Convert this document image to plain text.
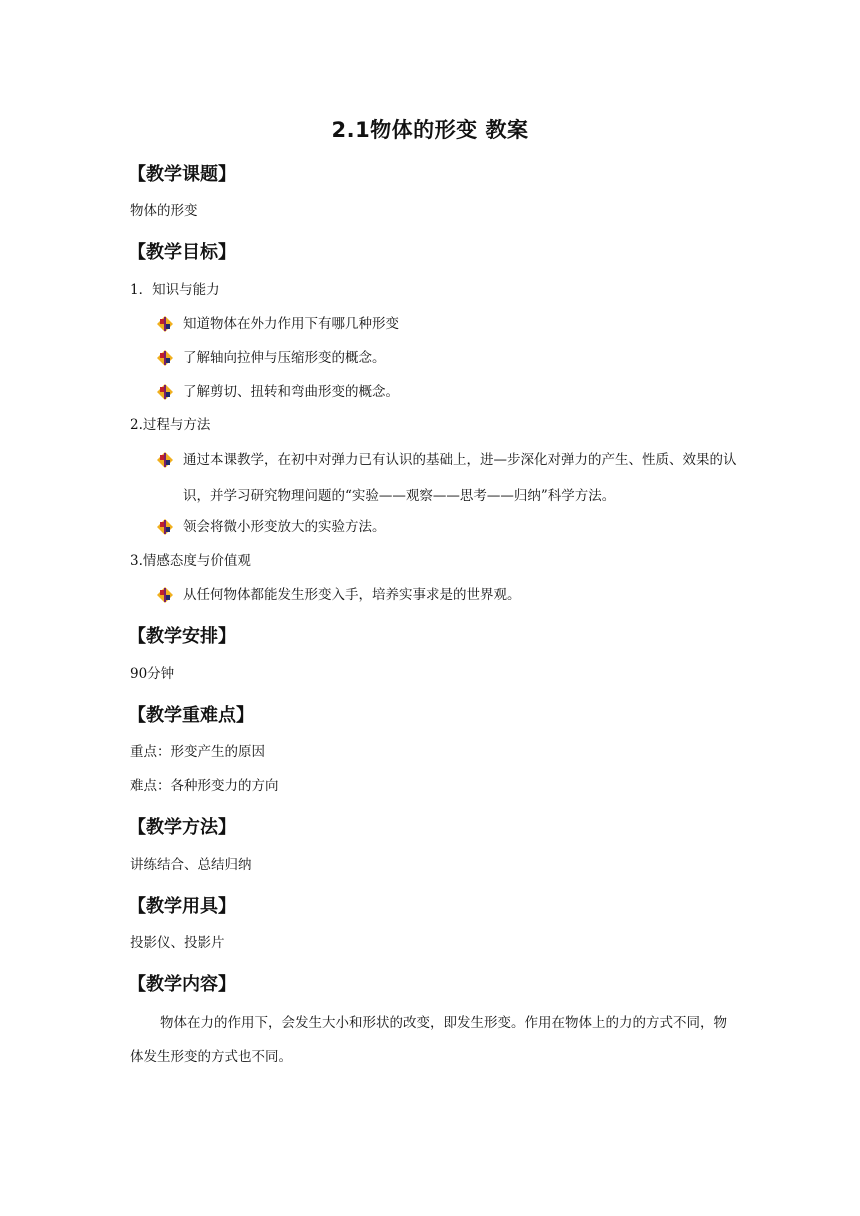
2.1物体的形变 教案
【教学课题】

物体的形变

【教学目标】

1．知识与能力

知道物体在外力作用下有哪几种形变
了解轴向拉伸与压缩形变的概念。
了解剪切、扭转和弯曲形变的概念。

2.过程与方法

通过本课教学，在初中对弹力已有认识的基础上，进—步深化对弹力的产生、性质、效果的认识，并学习研究物理问题的“实验——观察——思考——归纳”科学方法。
领会将微小形变放大的实验方法。

3.情感态度与价值观

从任何物体都能发生形变入手，培养实事求是的世界观。
【教学安排】

90分钟

【教学重难点】

重点：形变产生的原因

难点：各种形变力的方向

【教学方法】

讲练结合、总结归纳

【教学用具】

投影仪、投影片

【教学内容】

物体在力的作用下，会发生大小和形状的改变，即发生形变。作用在物体上的力的方式不同，物体发生形变的方式也不同。
